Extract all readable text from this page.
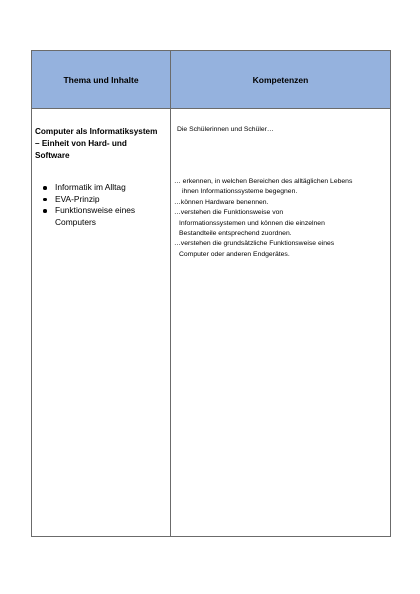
Thema und Inhalte	Kompetenzen

Computer als Informatiksystem
– Einheit von Hard- und
Software

Informatik im Alltag
EVA-Prinzip
Funktionsweise eines
Computers

Die Schülerinnen und Schüler…

… erkennen, in welchen Bereichen des alltäglichen Lebens
ihnen Informationssysteme begegnen.

…können Hardware benennen.

…verstehen die Funktionsweise von
Informationssystemen und können die einzelnen
Bestandteile entsprechend zuordnen.

…verstehen die grundsätzliche Funktionsweise eines
Computer oder anderen Endgerätes.
